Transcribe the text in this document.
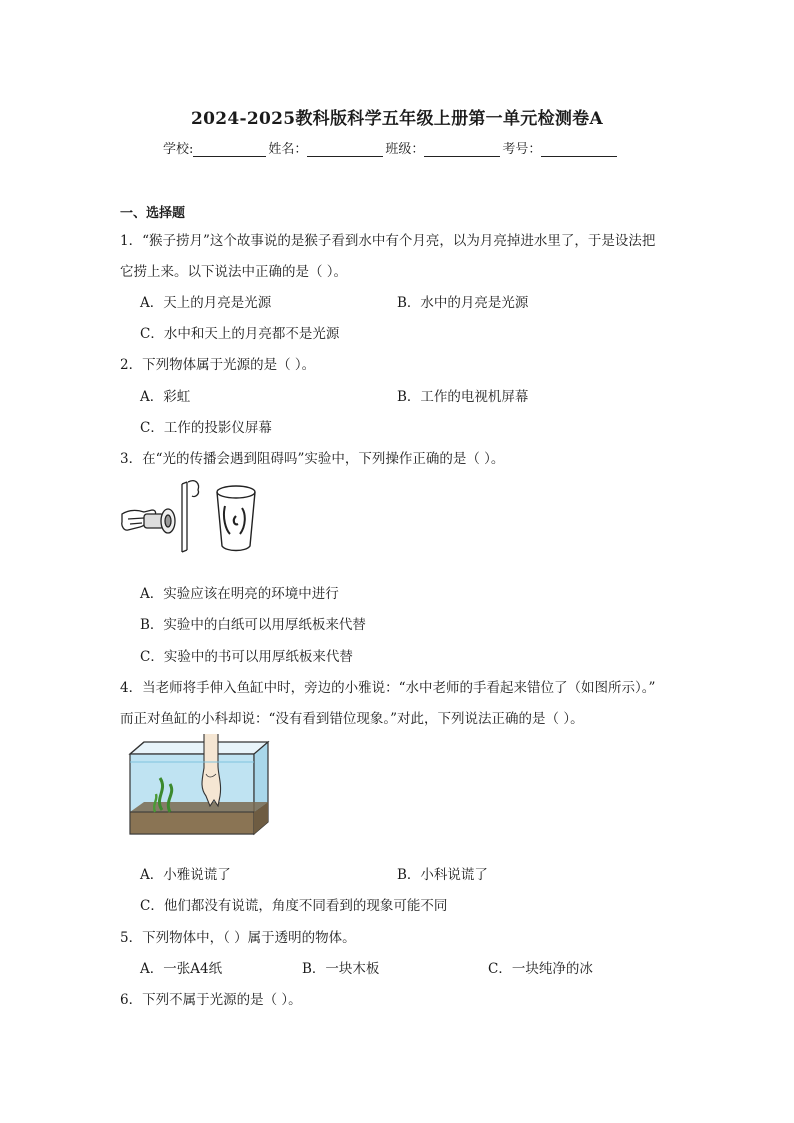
2024-2025教科版科学五年级上册第一单元检测卷A
学校:	姓名：	班级：	考号：
一、选择题
1．“猴子捞月”这个故事说的是猴子看到水中有个月亮，以为月亮掉进水里了，于是设法把
它捞上来。以下说法中正确的是（ ）。
A．天上的月亮是光源	B．水中的月亮是光源
C．水中和天上的月亮都不是光源
2．下列物体属于光源的是（ ）。
A．彩虹	B．工作的电视机屏幕
C．工作的投影仪屏幕
3．在“光的传播会遇到阻碍吗”实验中，下列操作正确的是（ ）。
A．实验应该在明亮的环境中进行
B．实验中的白纸可以用厚纸板来代替
C．实验中的书可以用厚纸板来代替
4．当老师将手伸入鱼缸中时，旁边的小雅说：“水中老师的手看起来错位了（如图所示）。”
而正对鱼缸的小科却说：“没有看到错位现象。”对此，下列说法正确的是（ ）。
A．小雅说谎了	B．小科说谎了
C．他们都没有说谎，角度不同看到的现象可能不同
5．下列物体中，（ ）属于透明的物体。
A．一张A4纸	B．一块木板	C．一块纯净的冰
6．下列不属于光源的是（ ）。
